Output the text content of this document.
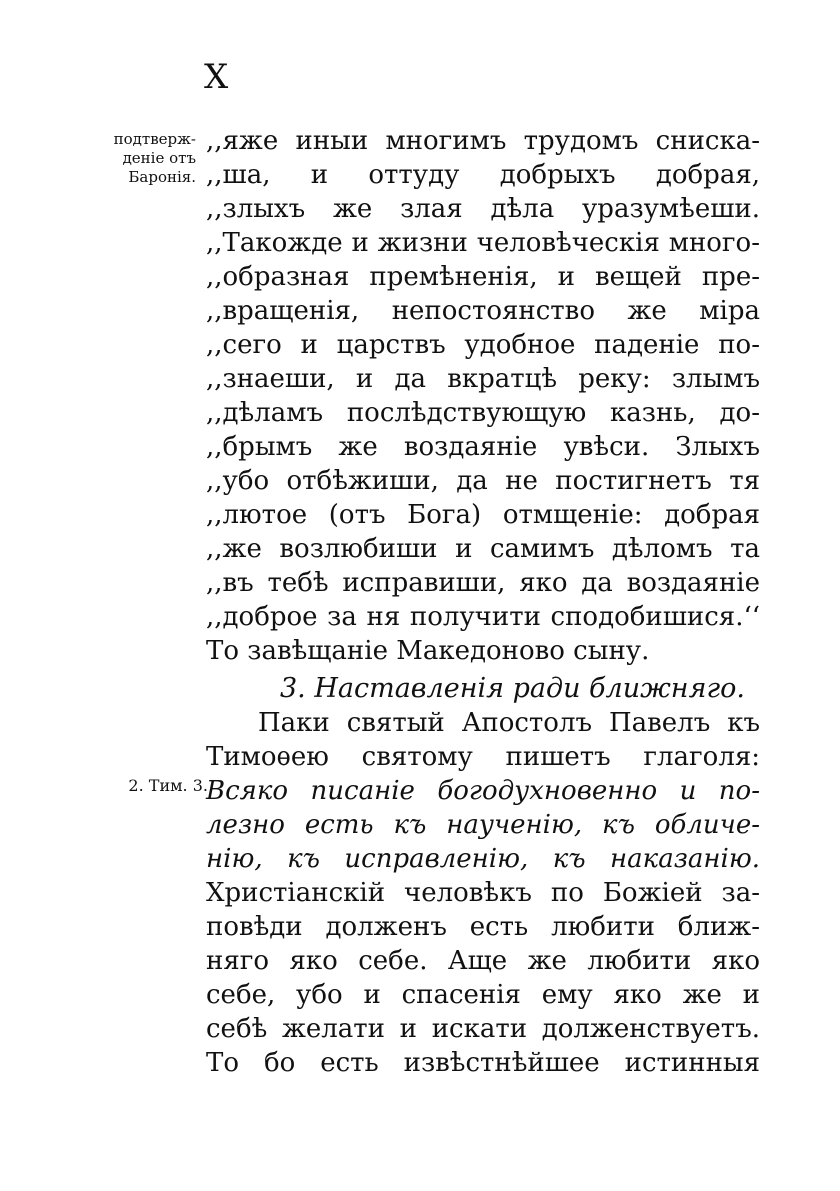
X
подтверж-
деніе отъ
Баронія.
2. Тим. 3.
,,яже иныи многимъ трудомъ сниска-
,,ша, и оттуду добрыхъ добрая,
,,злыхъ же злая дѣла уразумѣеши.
,,Такожде и жизни человѣческія много-
,,образная премѣненія, и вещей пре-
,,вращенія, непостоянство же міра
,,сего и царствъ удобное паденіе по-
,,знаеши, и да вкратцѣ реку: злымъ
,,дѣламъ послѣдствующую казнь, до-
,,брымъ же воздаяніе увѣси. Злыхъ
,,убо отбѣжиши, да не постигнетъ тя
,,лютое (отъ Бога) отмщеніе: добрая
,,же возлюбиши и самимъ дѣломъ та
,,въ тебѣ исправиши, яко да воздаяніе
,,доброе за ня получити сподобишися.‘‘
То завѣщаніе Македоново сыну.
3. Наставленія ради ближняго.
Паки святый Апостолъ Павелъ къ
Тимоѳею святому пишетъ глаголя:
Всяко писаніе богодухновенно и по-
лезно есть къ наученію, къ обличе-
нію, къ исправленію, къ наказанію.
Христіанскій человѣкъ по Божіей за-
повѣди долженъ есть любити ближ-
няго яко себе. Аще же любити яко
себе, убо и спасенія ему яко же и
себѣ желати и искати долженствуетъ.
То бо есть извѣстнѣйшее истинныя
